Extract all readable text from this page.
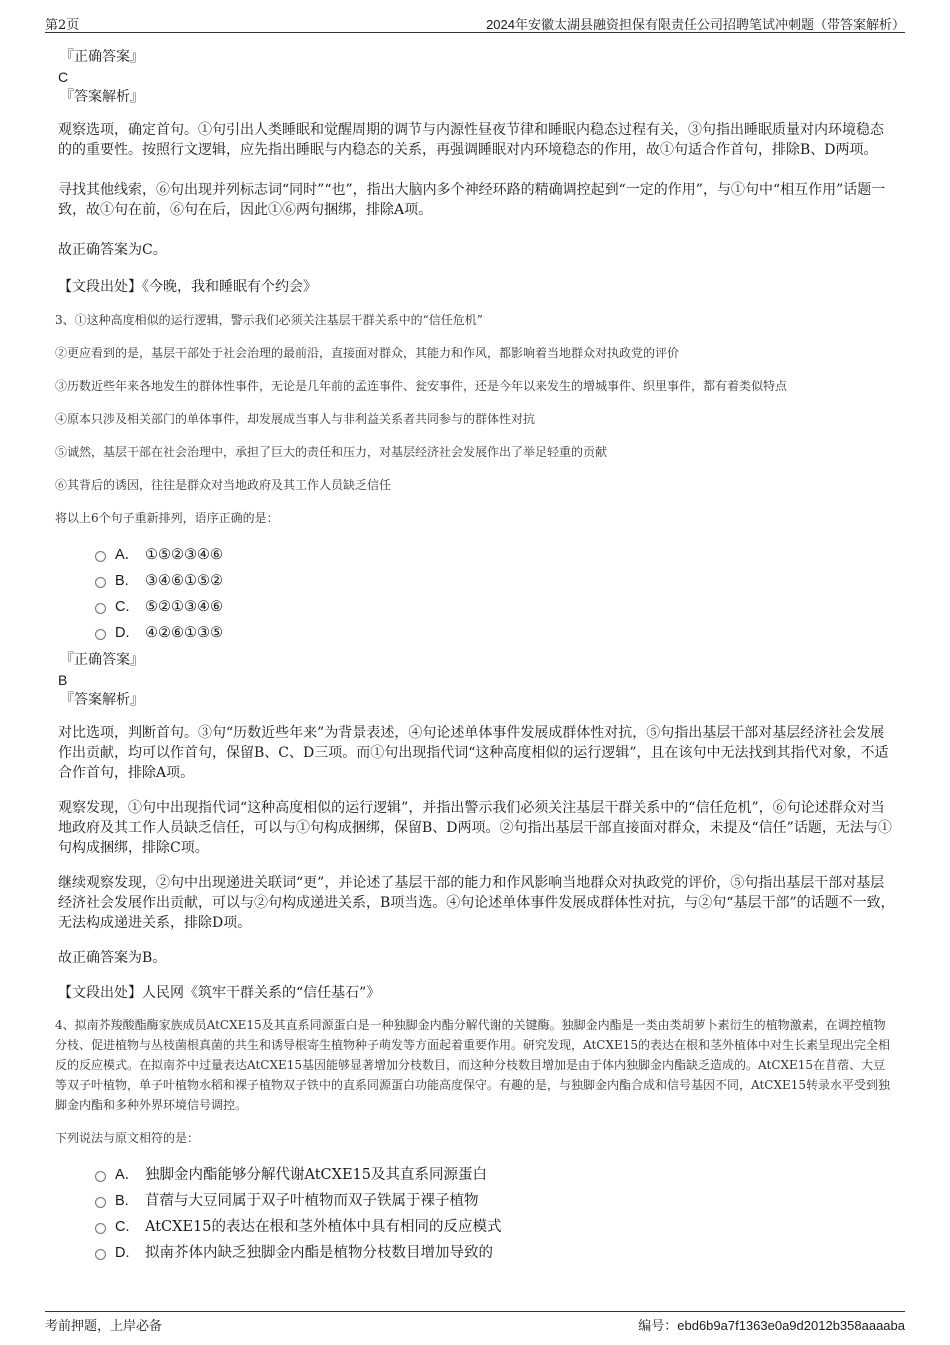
第2页	2024年安徽太湖县融资担保有限责任公司招聘笔试冲刺题（带答案解析）
『正确答案』
C
『答案解析』

观察选项，确定首句。①句引出人类睡眠和觉醒周期的调节与内源性昼夜节律和睡眠内稳态过程有关，③句指出睡眠质量对内环境稳态的的重要性。按照行文逻辑，应先指出睡眠与内稳态的关系，再强调睡眠对内环境稳态的作用，故①句适合作首句，排除B、D两项。

寻找其他线索，⑥句出现并列标志词“同时”“也”，指出大脑内多个神经环路的精确调控起到“一定的作用”，与①句中“相互作用”话题一致，故①句在前，⑥句在后，因此①⑥两句捆绑，排除A项。

故正确答案为C。

【文段出处】《今晚，我和睡眠有个约会》

3、①这种高度相似的运行逻辑，警示我们必须关注基层干群关系中的“信任危机”

②更应看到的是，基层干部处于社会治理的最前沿，直接面对群众，其能力和作风，都影响着当地群众对执政党的评价

③历数近些年来各地发生的群体性事件，无论是几年前的孟连事件、瓮安事件，还是今年以来发生的增城事件、织里事件，都有着类似特点

④原本只涉及相关部门的单体事件，却发展成当事人与非利益关系者共同参与的群体性对抗

⑤诚然，基层干部在社会治理中，承担了巨大的责任和压力，对基层经济社会发展作出了举足轻重的贡献

⑥其背后的诱因，往往是群众对当地政府及其工作人员缺乏信任

将以上6个句子重新排列，语序正确的是：

A． ①⑤②③④⑥
B. ③④⑥①⑤②
C. ⑤②①③④⑥
D. ④②⑥①③⑤
『正确答案』
B
『答案解析』

对比选项，判断首句。③句“历数近些年来”为背景表述，④句论述单体事件发展成群体性对抗，⑤句指出基层干部对基层经济社会发展作出贡献，均可以作首句，保留B、C、D三项。而①句出现指代词“这种高度相似的运行逻辑”，且在该句中无法找到其指代对象，不适合作首句，排除A项。

观察发现，①句中出现指代词“这种高度相似的运行逻辑”，并指出警示我们必须关注基层干群关系中的“信任危机”，⑥句论述群众对当地政府及其工作人员缺乏信任，可以与①句构成捆绑，保留B、D两项。②句指出基层干部直接面对群众，未提及“信任”话题，无法与①句构成捆绑，排除C项。

继续观察发现，②句中出现递进关联词“更”，并论述了基层干部的能力和作风影响当地群众对执政党的评价，⑤句指出基层干部对基层经济社会发展作出贡献，可以与②句构成递进关系，B项当选。④句论述单体事件发展成群体性对抗，与②句“基层干部”的话题不一致，无法构成递进关系，排除D项。

故正确答案为B。

【文段出处】人民网《筑牢干群关系的“信任基石”》

4、拟南芥羧酸酯酶家族成员AtCXE15及其直系同源蛋白是一种独脚金内酯分解代谢的关键酶。独脚金内酯是一类由类胡萝卜素衍生的植物激素，在调控植物分枝、促进植物与丛枝菌根真菌的共生和诱导根寄生植物种子萌发等方面起着重要作用。研究发现，AtCXE15的表达在根和茎外植体中对生长素呈现出完全相反的反应模式。在拟南芥中过量表达AtCXE15基因能够显著增加分枝数目，而这种分枝数目增加是由于体内独脚金内酯缺乏造成的。AtCXE15在苜蓿、大豆等双子叶植物，单子叶植物水稻和裸子植物双子铁中的直系同源蛋白功能高度保守。有趣的是，与独脚金内酯合成和信号基因不同，AtCXE15转录水平受到独脚金内酯和多种外界环境信号调控。

下列说法与原文相符的是：

A． 独脚金内酯能够分解代谢AtCXE15及其直系同源蛋白
B. 苜蓿与大豆同属于双子叶植物而双子铁属于裸子植物
C. AtCXE15的表达在根和茎外植体中具有相同的反应模式
D. 拟南芥体内缺乏独脚金内酯是植物分枝数目增加导致的
考前押题，上岸必备	编号：ebd6b9a7f1363e0a9d2012b358aaaaba
